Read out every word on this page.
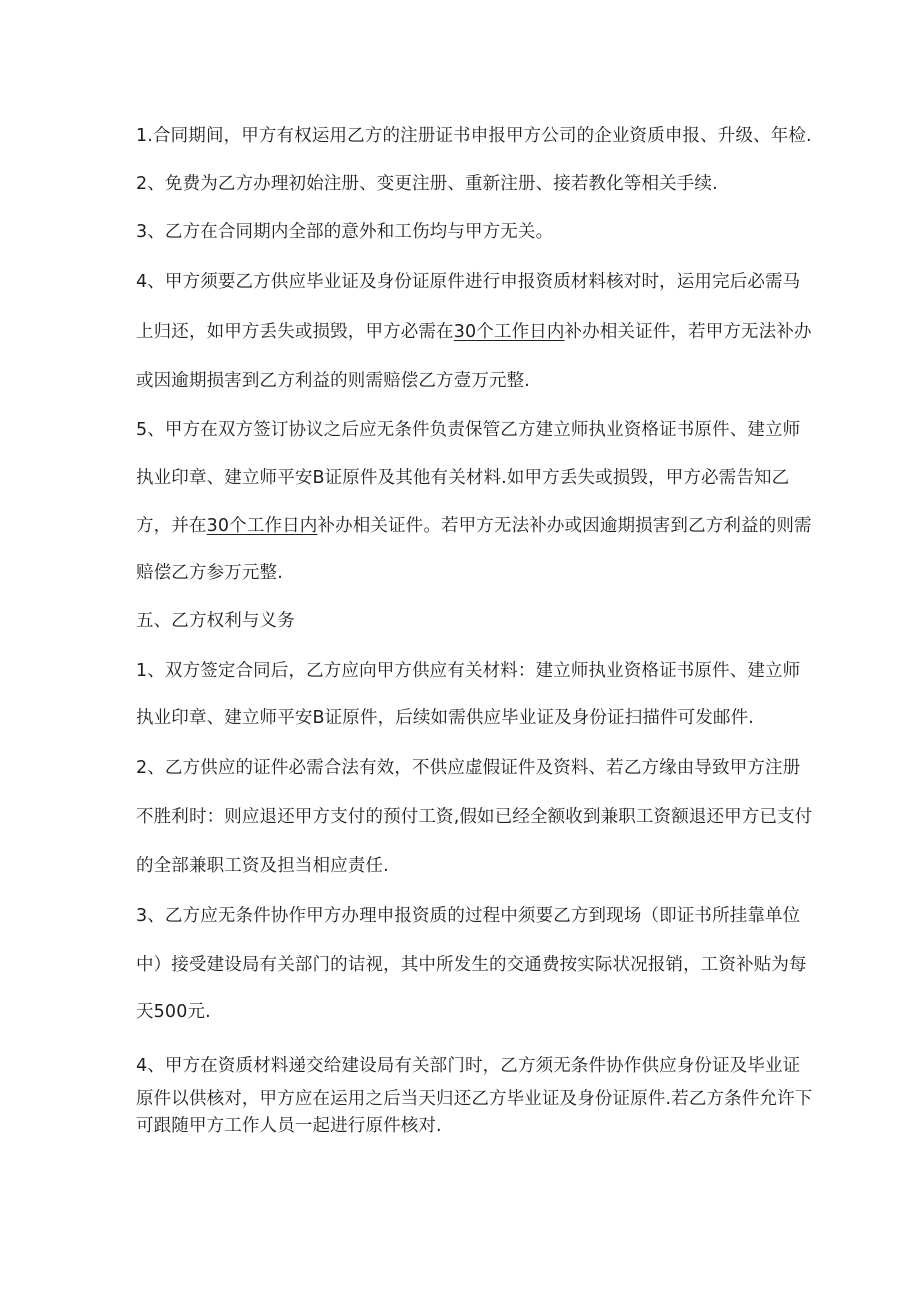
1.合同期间，甲方有权运用乙方的注册证书申报甲方公司的企业资质申报、升级、年检.
2、免费为乙方办理初始注册、变更注册、重新注册、接若教化等相关手续.
3、乙方在合同期内全部的意外和工伤均与甲方无关。
4、甲方须要乙方供应毕业证及身份证原件进行申报资质材料核对时，运用完后必需马
上归还，如甲方丢失或损毁，甲方必需在30个工作日内补办相关证件，若甲方无法补办
或因逾期损害到乙方利益的则需赔偿乙方壹万元整.
5、甲方在双方签订协议之后应无条件负责保管乙方建立师执业资格证书原件、建立师
执业印章、建立师平安B证原件及其他有关材料.如甲方丢失或损毁，甲方必需告知乙
方，并在30个工作日内补办相关证件。若甲方无法补办或因逾期损害到乙方利益的则需
赔偿乙方参万元整.
五、乙方权利与义务
1、双方签定合同后，乙方应向甲方供应有关材料：建立师执业资格证书原件、建立师
执业印章、建立师平安B证原件，后续如需供应毕业证及身份证扫描件可发邮件.
2、乙方供应的证件必需合法有效，不供应虚假证件及资料、若乙方缘由导致甲方注册
不胜利时：则应退还甲方支付的预付工资,假如已经全额收到兼职工资额退还甲方已支付
的全部兼职工资及担当相应责任.
3、乙方应无条件协作甲方办理申报资质的过程中须要乙方到现场（即证书所挂靠单位
中）接受建设局有关部门的诘视，其中所发生的交通费按实际状况报销，工资补贴为每
天500元.
4、甲方在资质材料递交给建设局有关部门时，乙方须无条件协作供应身份证及毕业证
原件以供核对，甲方应在运用之后当天归还乙方毕业证及身份证原件.若乙方条件允许下
可跟随甲方工作人员一起进行原件核对.
